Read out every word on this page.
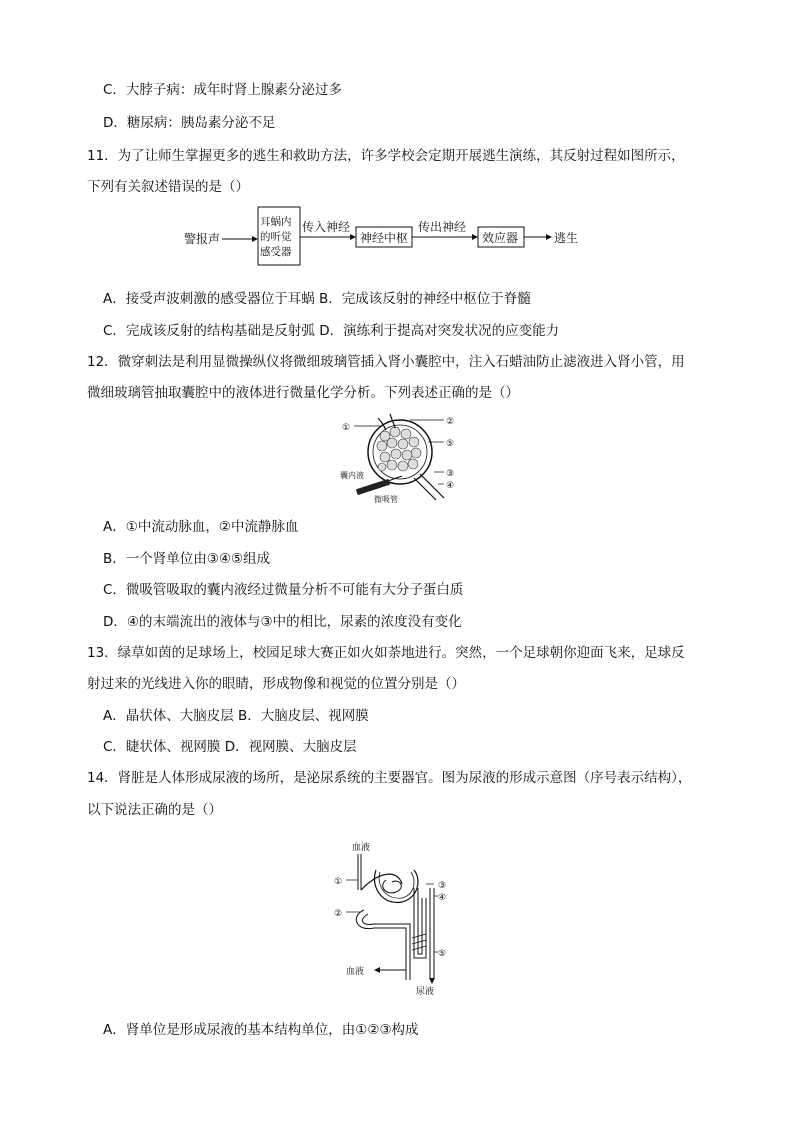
C．大脖子病：成年时肾上腺素分泌过多
D．糖尿病：胰岛素分泌不足
11．为了让师生掌握更多的逃生和救助方法，许多学校会定期开展逃生演练，其反射过程如图所示，
下列有关叙述错误的是（）
警报声
耳蜗内
的听觉
感受器
传入神经
神经中枢
传出神经
效应器	逃生
A．接受声波刺激的感受器位于耳蜗 B．完成该反射的神经中枢位于脊髓
C．完成该反射的结构基础是反射弧 D．演练利于提高对突发状况的应变能力
12．微穿刺法是利用显微操纵仪将微细玻璃管插入肾小囊腔中，注入石蜡油防止滤液进入肾小管，用
微细玻璃管抽取囊腔中的液体进行微量化学分析。下列表述正确的是（）
①
②
⑤
③
④
囊内液
微吸管
A．①中流动脉血，②中流静脉血
B．一个肾单位由③④⑤组成
C．微吸管吸取的囊内液经过微量分析不可能有大分子蛋白质
D．④的末端流出的液体与③中的相比，尿素的浓度没有变化
13．绿草如茵的足球场上，校园足球大赛正如火如荼地进行。突然，一个足球朝你迎面飞来，足球反
射过来的光线进入你的眼睛，形成物像和视觉的位置分别是（）
A．晶状体、大脑皮层 B．大脑皮层、视网膜
C．睫状体、视网膜 D．视网膜、大脑皮层
14．肾脏是人体形成尿液的场所，是泌尿系统的主要器官。图为尿液的形成示意图（序号表示结构），
以下说法正确的是（）
血液
血液
尿液
①
②
③
④
⑤
A．肾单位是形成尿液的基本结构单位，由①②③构成
